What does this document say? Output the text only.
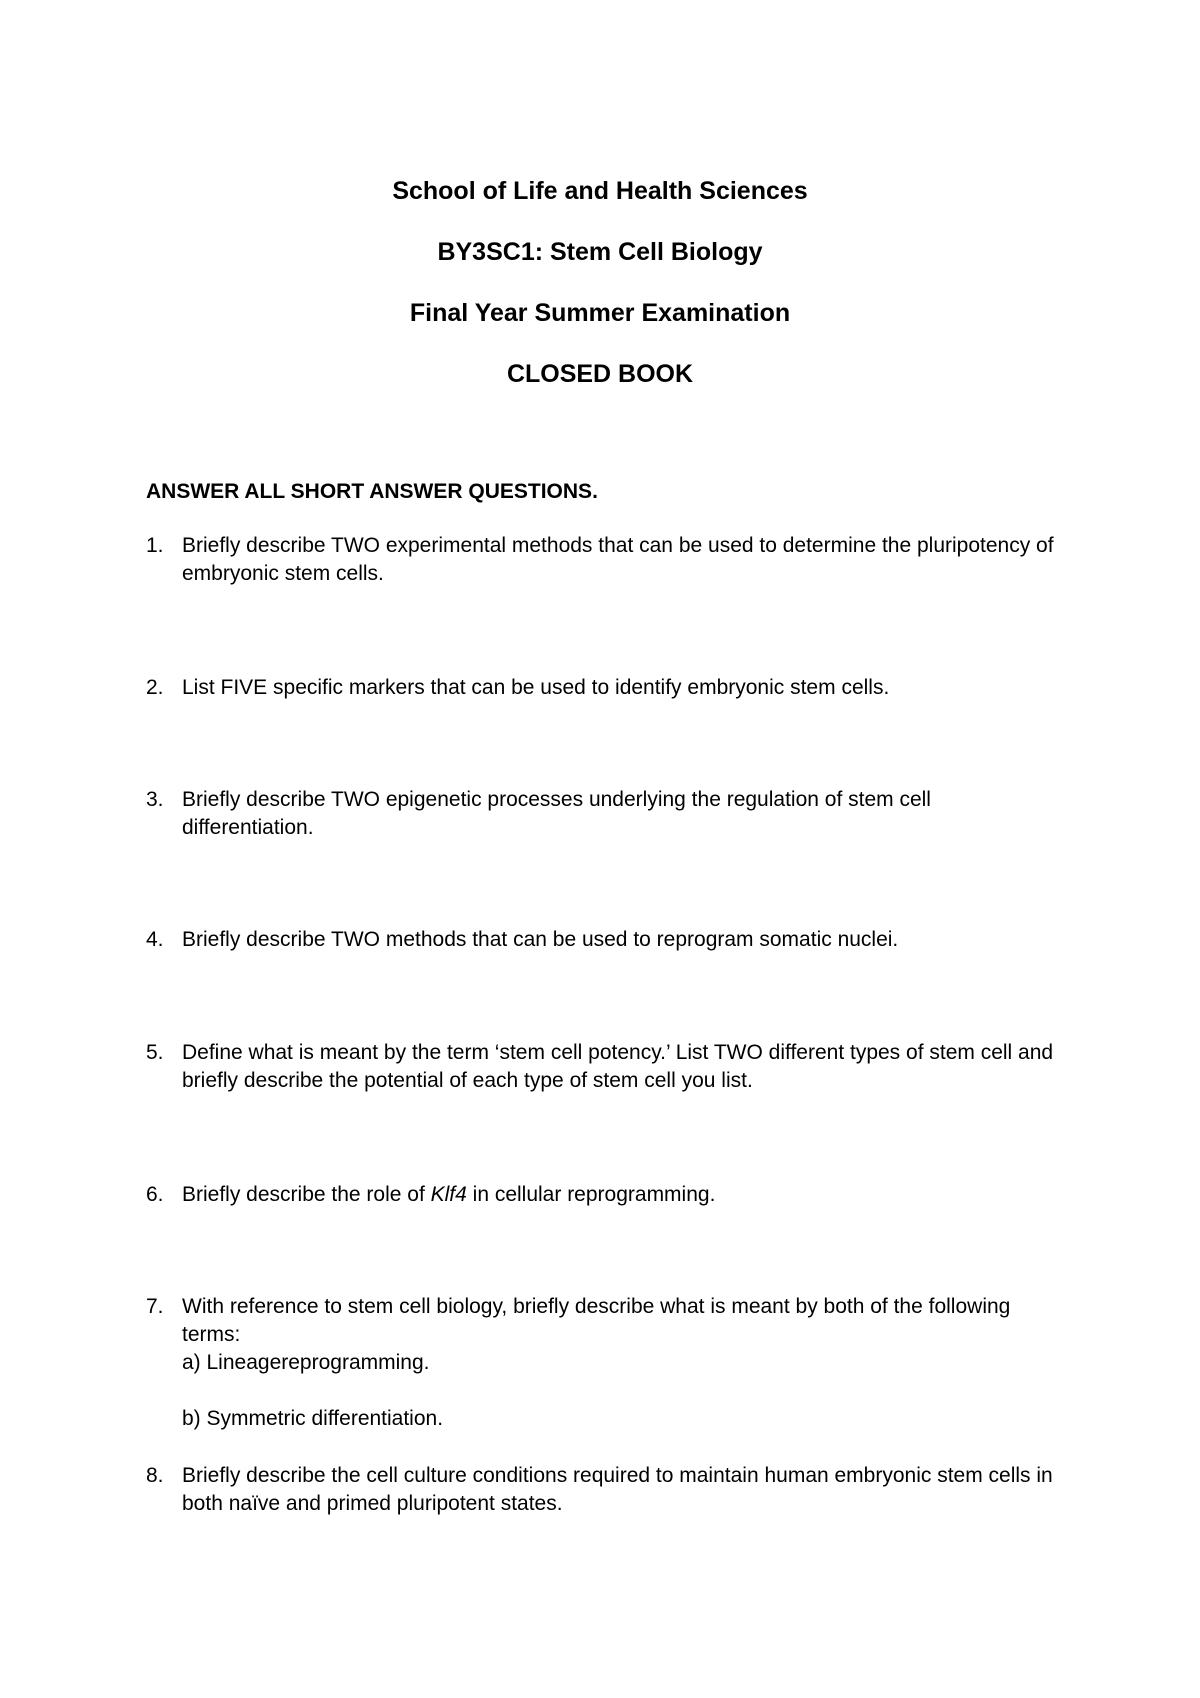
School of Life and Health Sciences
BY3SC1: Stem Cell Biology
Final Year Summer Examination
CLOSED BOOK
ANSWER ALL SHORT ANSWER QUESTIONS.
1. Briefly describe TWO experimental methods that can be used to determine the pluripotency of embryonic stem cells.
2. List FIVE specific markers that can be used to identify embryonic stem cells.
3. Briefly describe TWO epigenetic processes underlying the regulation of stem cell differentiation.
4. Briefly describe TWO methods that can be used to reprogram somatic nuclei.
5. Define what is meant by the term ‘stem cell potency.’ List TWO different types of stem cell and briefly describe the potential of each type of stem cell you list.
6. Briefly describe the role of Klf4 in cellular reprogramming.
7. With reference to stem cell biology, briefly describe what is meant by both of the following terms:
a) Lineagereprogramming.
b) Symmetric differentiation.
8. Briefly describe the cell culture conditions required to maintain human embryonic stem cells in both naïve and primed pluripotent states.
